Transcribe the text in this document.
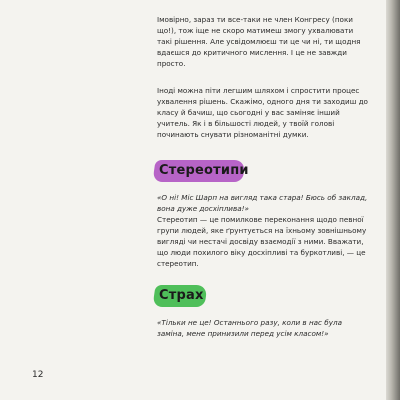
Імовірно, зараз ти все-таки не член Конгресу (поки що!), тож іще не скоро матимеш змогу ухвалювати такі рішення. Але усвідомлюєш ти це чи ні, ти щодня вдаєшся до критичного мислення. І це не завжди просто.

Іноді можна піти легшим шляхом і спростити процес ухвалення рішень. Скажімо, одного дня ти заходиш до класу й бачиш, що сьогодні у вас заміняє інший учитель. Як і в більшості людей, у твоїй голові починають снувати різноманітні думки.

Стереотипи

«О ні! Міс Шарп на вигляд така стара! Бюсь об заклад, вона дуже досхіплива!»

Стереотип — це помилкове переконання щодо певної групи людей, яке ґрунтується на їхньому зовнішньому вигляді чи нестачі досвіду взаємодії з ними. Вважати, що люди похилого віку досхіпливі та буркотливі, — це стереотип.

Страх

«Тільки не це! Останнього разу, коли в нас була заміна, мене принизили перед усім класом!»

12
